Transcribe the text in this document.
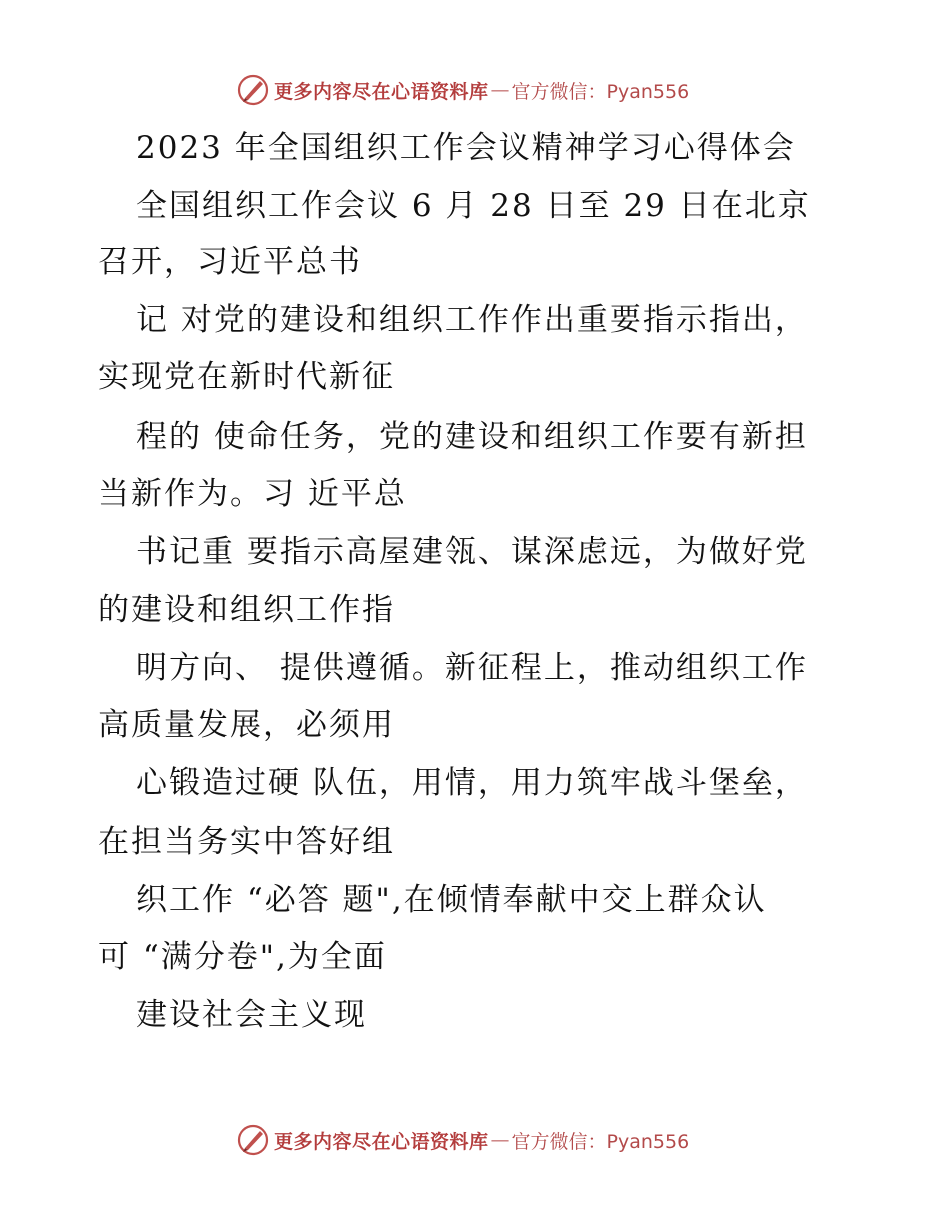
更多内容尽在心语资料库 — 官方微信：Pyan556
2023 年全国组织工作会议精神学习心得体会
全国组织工作会议 6 月 28 日至 29 日在北京
召开，习近平总书
记 对党的建设和组织工作作出重要指示指出，
实现党在新时代新征
程的 使命任务，党的建设和组织工作要有新担
当新作为。习 近平总
书记重 要指示高屋建瓴、谋深虑远，为做好党
的建设和组织工作指
明方向、 提供遵循。新征程上，推动组织工作
高质量发展，必须用
心锻造过硬 队伍，用情，用力筑牢战斗堡垒，
在担当务实中答好组
织工作 “必答 题",在倾情奉献中交上群众认
可 “满分卷",为全面
建设社会主义现
更多内容尽在心语资料库 — 官方微信：Pyan556
